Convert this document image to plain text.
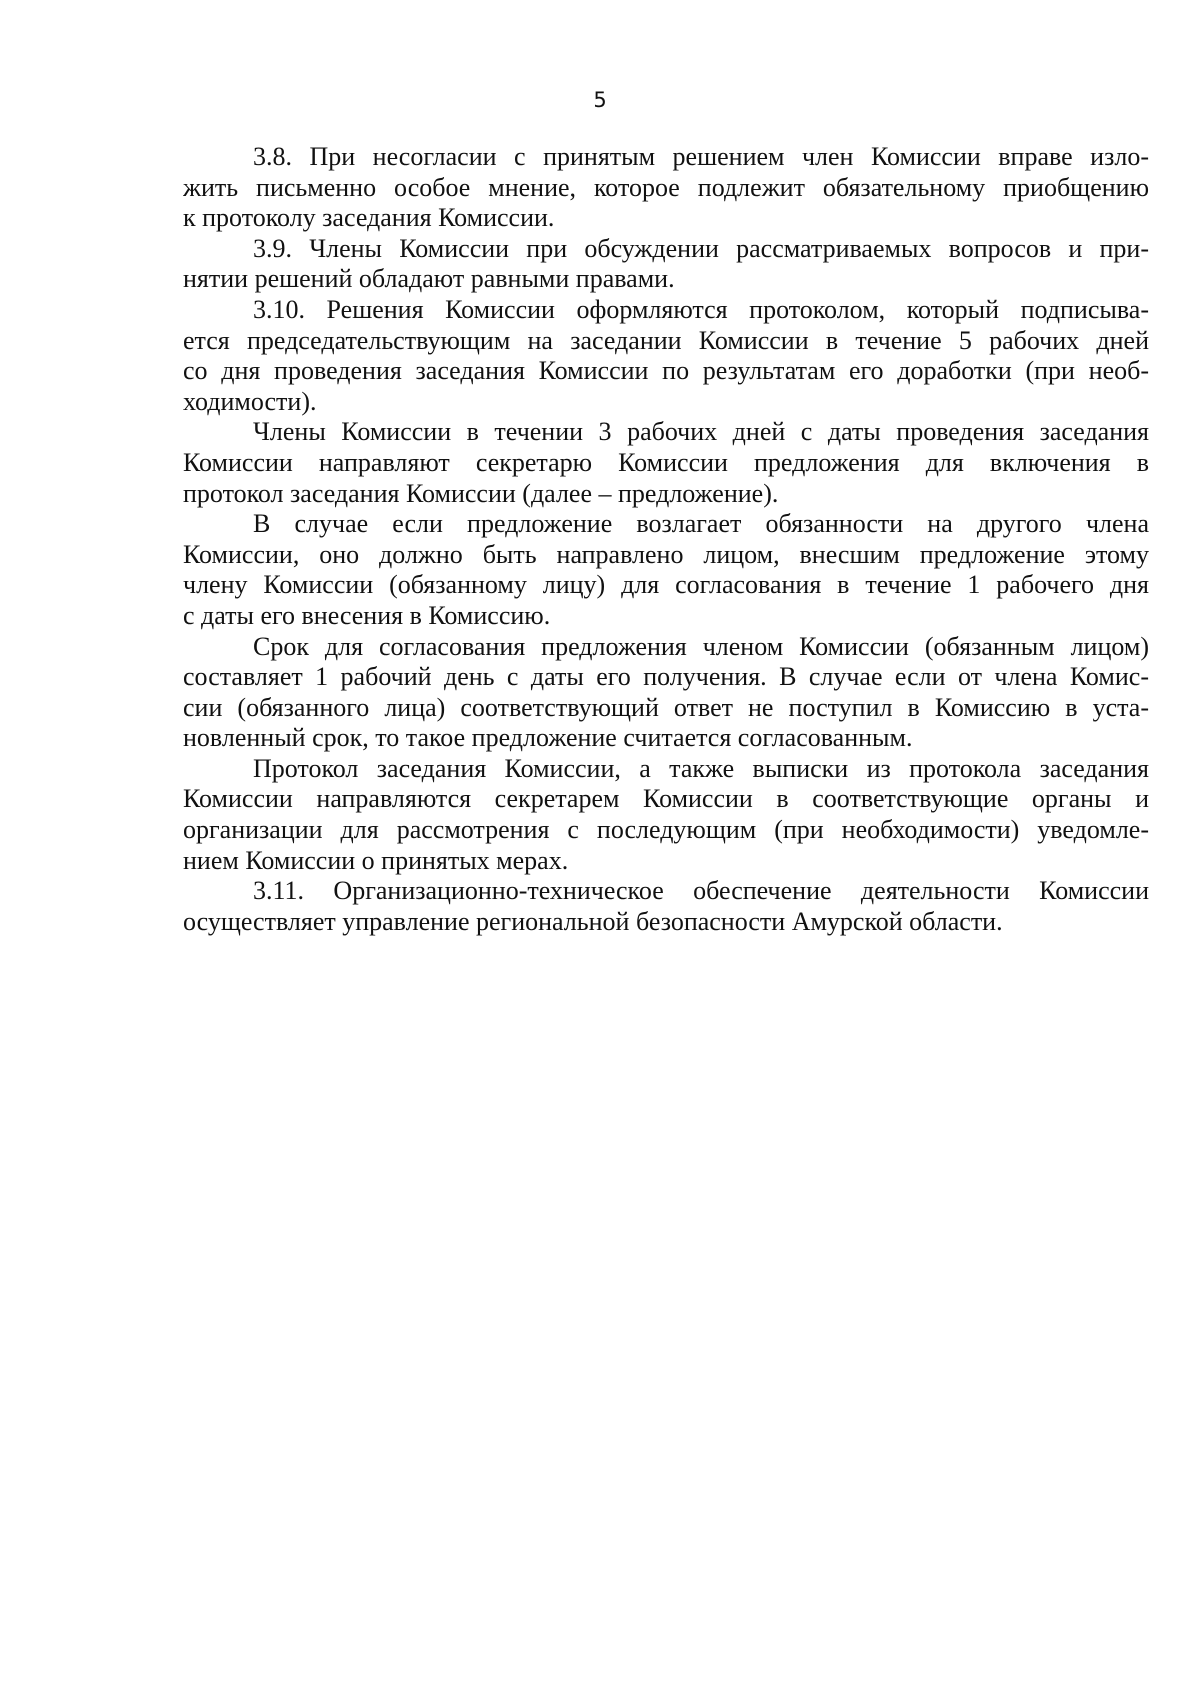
5
3.8. При несогласии с принятым решением член Комиссии вправе изло-
жить письменно особое мнение, которое подлежит обязательному приобщению
к протоколу заседания Комиссии.
3.9. Члены Комиссии при обсуждении рассматриваемых вопросов и при-
нятии решений обладают равными правами.
3.10. Решения Комиссии оформляются протоколом, который подписыва-
ется председательствующим на заседании Комиссии в течение 5 рабочих дней
со дня проведения заседания Комиссии по результатам его доработки (при необ-
ходимости).
Члены Комиссии в течении 3 рабочих дней с даты проведения заседания
Комиссии направляют секретарю Комиссии предложения для включения в
протокол заседания Комиссии (далее – предложение).
В случае если предложение возлагает обязанности на другого члена
Комиссии, оно должно быть направлено лицом, внесшим предложение этому
члену Комиссии (обязанному лицу) для согласования в течение 1 рабочего дня
с даты его внесения в Комиссию.
Срок для согласования предложения членом Комиссии (обязанным лицом)
составляет 1 рабочий день с даты его получения. В случае если от члена Комис-
сии (обязанного лица) соответствующий ответ не поступил в Комиссию в уста-
новленный срок, то такое предложение считается согласованным.
Протокол заседания Комиссии, а также выписки из протокола заседания
Комиссии направляются секретарем Комиссии в соответствующие органы и
организации для рассмотрения с последующим (при необходимости) уведомле-
нием Комиссии о принятых мерах.
3.11. Организационно-техническое обеспечение деятельности Комиссии
осуществляет управление региональной безопасности Амурской области.
